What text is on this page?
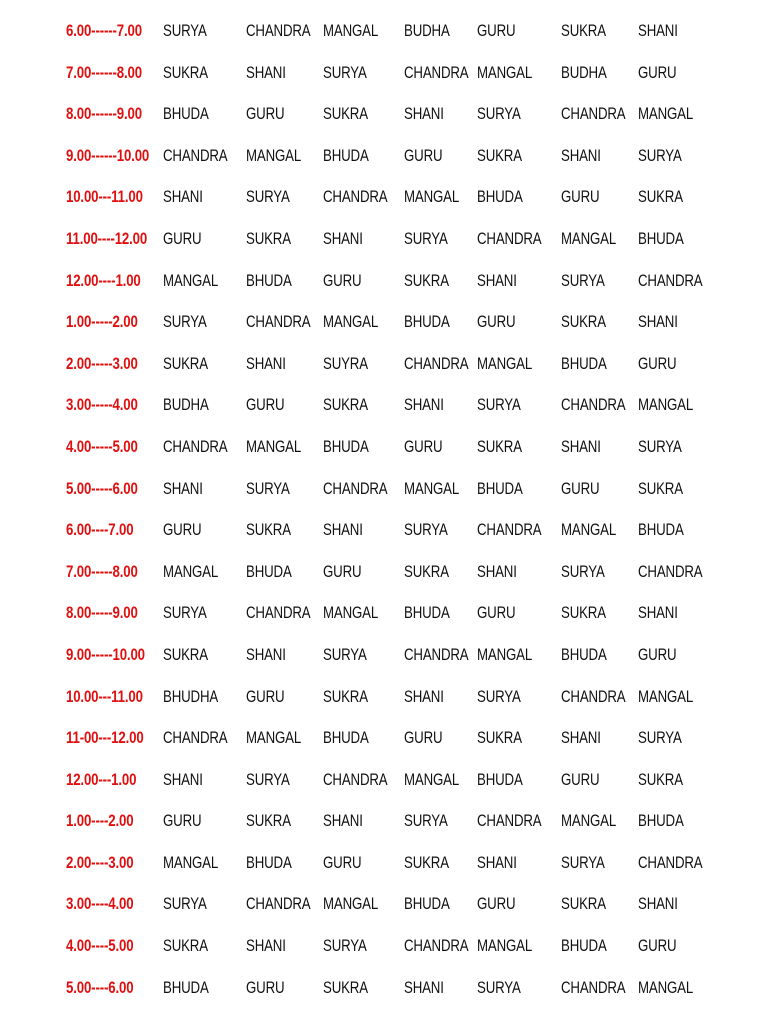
6.00------7.00 SURYA CHANDRA MANGAL BUDHA GURU	SUKRA SHANI
7.00------8.00 SUKRA SHANI SURYA CHANDRA MANGAL BUDHA GURU
8.00------9.00 BHUDA GURU SUKRA SHANI SURYA CHANDRA MANGAL
9.00------10.00 CHANDRA MANGAL BHUDA GURU SUKRA SHANI SURYA
10.00---11.00 SHANI	SURYA CHANDRA MANGAL BHUDA GURU SUKRA
11.00----12.00 GURU	SUKRA SHANI SURYA CHANDRA MANGAL BHUDA
12.00----1.00 MANGAL BHUDA GURU	SUKRA SHANI	SURYA CHANDRA
1.00-----2.00 SURYA CHANDRA MANGAL BHUDA GURU	SUKRA SHANI
2.00-----3.00 SUKRA SHANI SUYRA CHANDRA MANGAL BHUDA GURU
3.00-----4.00 BUDHA GURU SUKRA SHANI SURYA CHANDRA MANGAL
4.00-----5.00 CHANDRA MANGAL BHUDA GURU SUKRA SHANI SURYA
5.00-----6.00 SHANI	SURYA CHANDRA MANGAL BHUDA GURU SUKRA
6.00----7.00 GURU	SUKRA SHANI SURYA CHANDRA MANGAL BHUDA
7.00-----8.00 MANGAL BHUDA GURU	SUKRA SHANI	SURYA CHANDRA
8.00-----9.00 SURYA CHANDRA MANGAL BHUDA GURU	SUKRA SHANI
9.00-----10.00 SUKRA SHANI SURYA CHANDRA MANGAL BHUDA GURU
10.00---11.00 BHUDHA GURU SUKRA SHANI SURYA CHANDRA MANGAL
11-00---12.00 CHANDRA MANGAL BHUDA GURU SUKRA SHANI SURYA
12.00---1.00 SHANI	SURYA CHANDRA MANGAL BHUDA GURU SUKRA
1.00----2.00 GURU	SUKRA SHANI SURYA CHANDRA MANGAL BHUDA
2.00----3.00 MANGAL BHUDA GURU	SUKRA SHANI	SURYA CHANDRA
3.00----4.00 SURYA CHANDRA MANGAL BHUDA GURU	SUKRA SHANI
4.00----5.00 SUKRA SHANI SURYA CHANDRA MANGAL BHUDA GURU
5.00----6.00 BHUDA GURU SUKRA SHANI SURYA CHANDRA MANGAL
